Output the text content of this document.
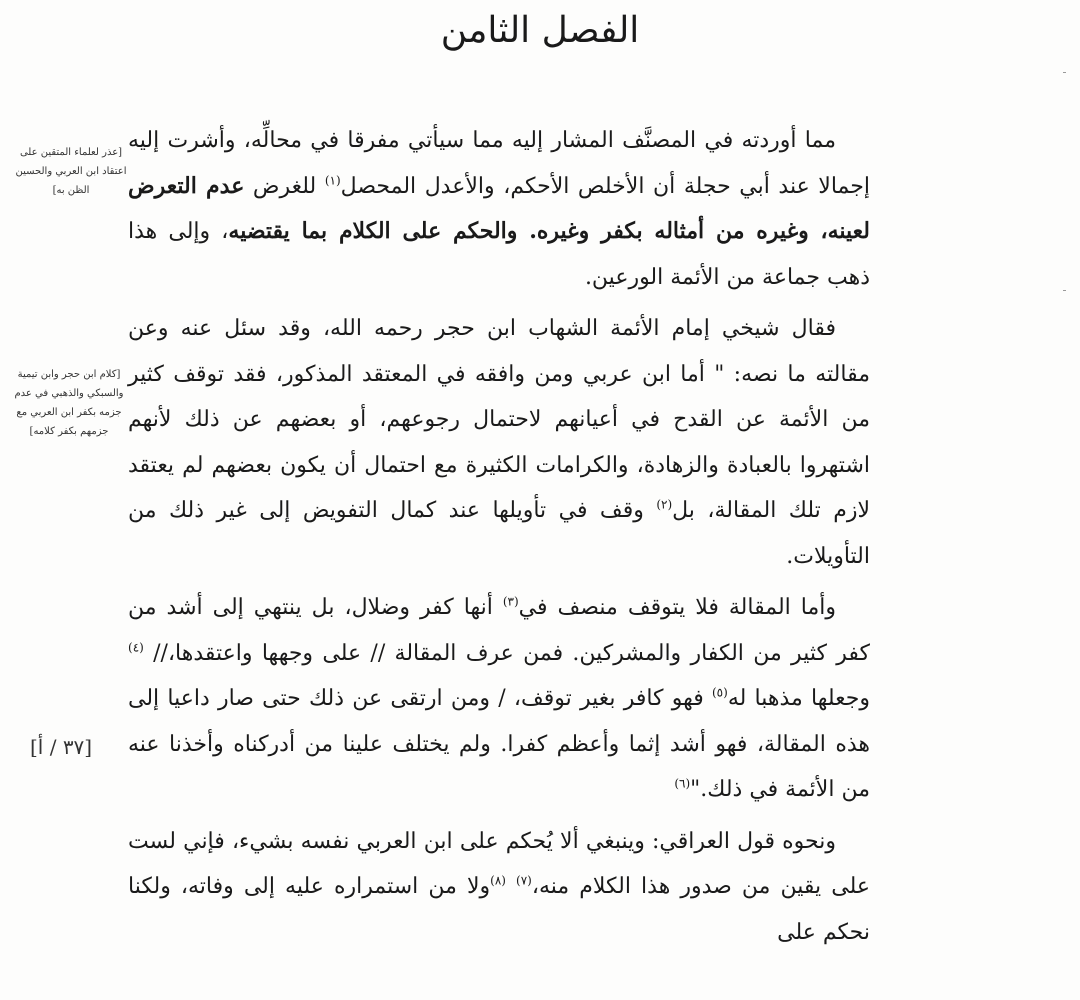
الفصل الثامن

مما أوردته في المصنَّف المشار إليه مما سيأتي مفرقا في محالِّه، وأشرت إليه إجمالا عند أبي حجلة أن الأخلص الأحكم، والأعدل المحصل$^{(١)}$ للغرض عدم التعرض لعينه، وغيره من أمثاله بكفر وغيره. والحكم على الكلام بما يقتضيه، وإلى هذا ذهب جماعة من الأئمة الورعين.

فقال شيخي إمام الأئمة الشهاب ابن حجر رحمه الله، وقد سئل عنه وعن مقالته ما نصه: " أما ابن عربي ومن وافقه في المعتقد المذكور، فقد توقف كثير من الأئمة عن القدح في أعيانهم لاحتمال رجوعهم، أو بعضهم عن ذلك لأنهم اشتهروا بالعبادة والزهادة، والكرامات الكثيرة مع احتمال أن يكون بعضهم لم يعتقد لازم تلك المقالة، بل$^{(٢)}$ وقف في تأويلها عند كمال التفويض إلى غير ذلك من التأويلات.

وأما المقالة فلا يتوقف منصف في$^{(٣)}$ أنها كفر وضلال، بل ينتهي إلى أشد من كفر كثير من الكفار والمشركين. فمن عرف المقالة // على وجهها واعتقدها،// $^{(٤)}$ وجعلها مذهبا له$^{(٥)}$ فهو كافر بغير توقف، / ومن ارتقى عن ذلك حتى صار داعيا إلى هذه المقالة، فهو أشد إثما وأعظم كفرا. ولم يختلف علينا من أدركناه وأخذنا عنه من الأئمة في ذلك."$^{(٦)}$

ونحوه قول العراقي: وينبغي ألا يُحكم على ابن العربي نفسه بشيء، فإني لست على يقين من صدور هذا الكلام منه،$^{(٧)}$ $^{(٨)}$ولا من استمراره عليه إلى وفاته، ولكنا نحكم على

[عذر لعلماء المتقين على اعتقاد ابن العربي والحسين الظن به]
[كلام ابن حجر وابن تيمية والسبكي والذهبي في عدم جزمه بكفر ابن العربي مع جزمهم بكفر كلامه]
[٣٧ / أ]
